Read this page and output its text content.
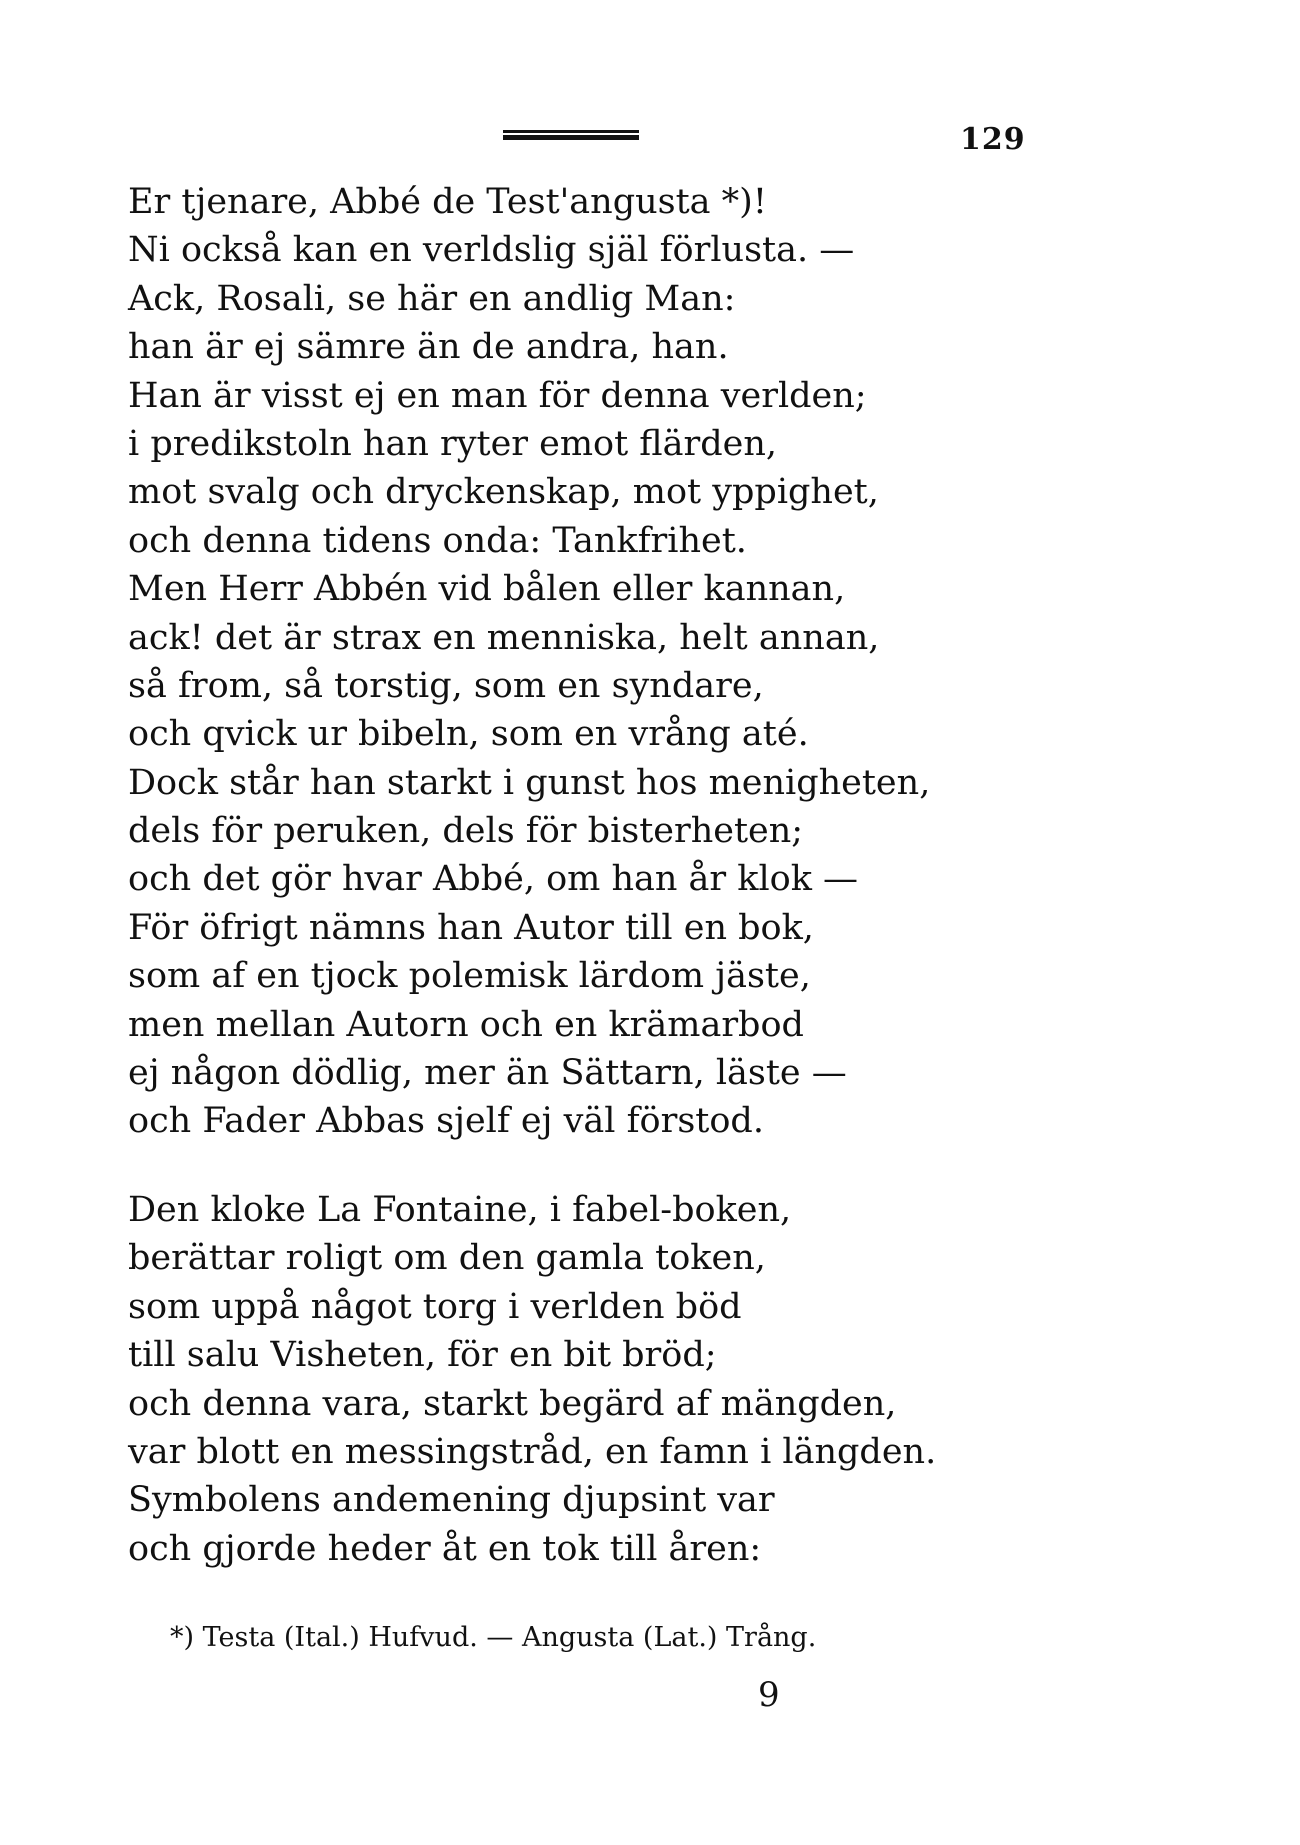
129
Er tjenare, Abbé de Test'angusta *)!
Ni också kan en verldslig själ förlusta. —
Ack, Rosali, se här en andlig Man:
han är ej sämre än de andra, han.
Han är visst ej en man för denna verlden;
i predikstoln han ryter emot flärden,
mot svalg och dryckenskap, mot yppighet,
och denna tidens onda: Tankfrihet.
Men Herr Abbén vid bålen eller kannan,
ack! det är strax en menniska, helt annan,
så from, så torstig, som en syndare,
och qvick ur bibeln, som en vrång até.
Dock står han starkt i gunst hos menigheten,
dels för peruken, dels för bisterheten;
och det gör hvar Abbé, om han år klok —
För öfrigt nämns han Autor till en bok,
som af en tjock polemisk lärdom jäste,
men mellan Autorn och en krämarbod
ej någon dödlig, mer än Sättarn, läste —
och Fader Abbas sjelf ej väl förstod.
Den kloke La Fontaine, i fabel-boken,
berättar roligt om den gamla token,
som uppå något torg i verlden böd
till salu Visheten, för en bit bröd;
och denna vara, starkt begärd af mängden,
var blott en messingstråd, en famn i längden.
Symbolens andemening djupsint var
och gjorde heder åt en tok till åren:
*) Testa (Ital.) Hufvud. — Angusta (Lat.) Trång.
9
